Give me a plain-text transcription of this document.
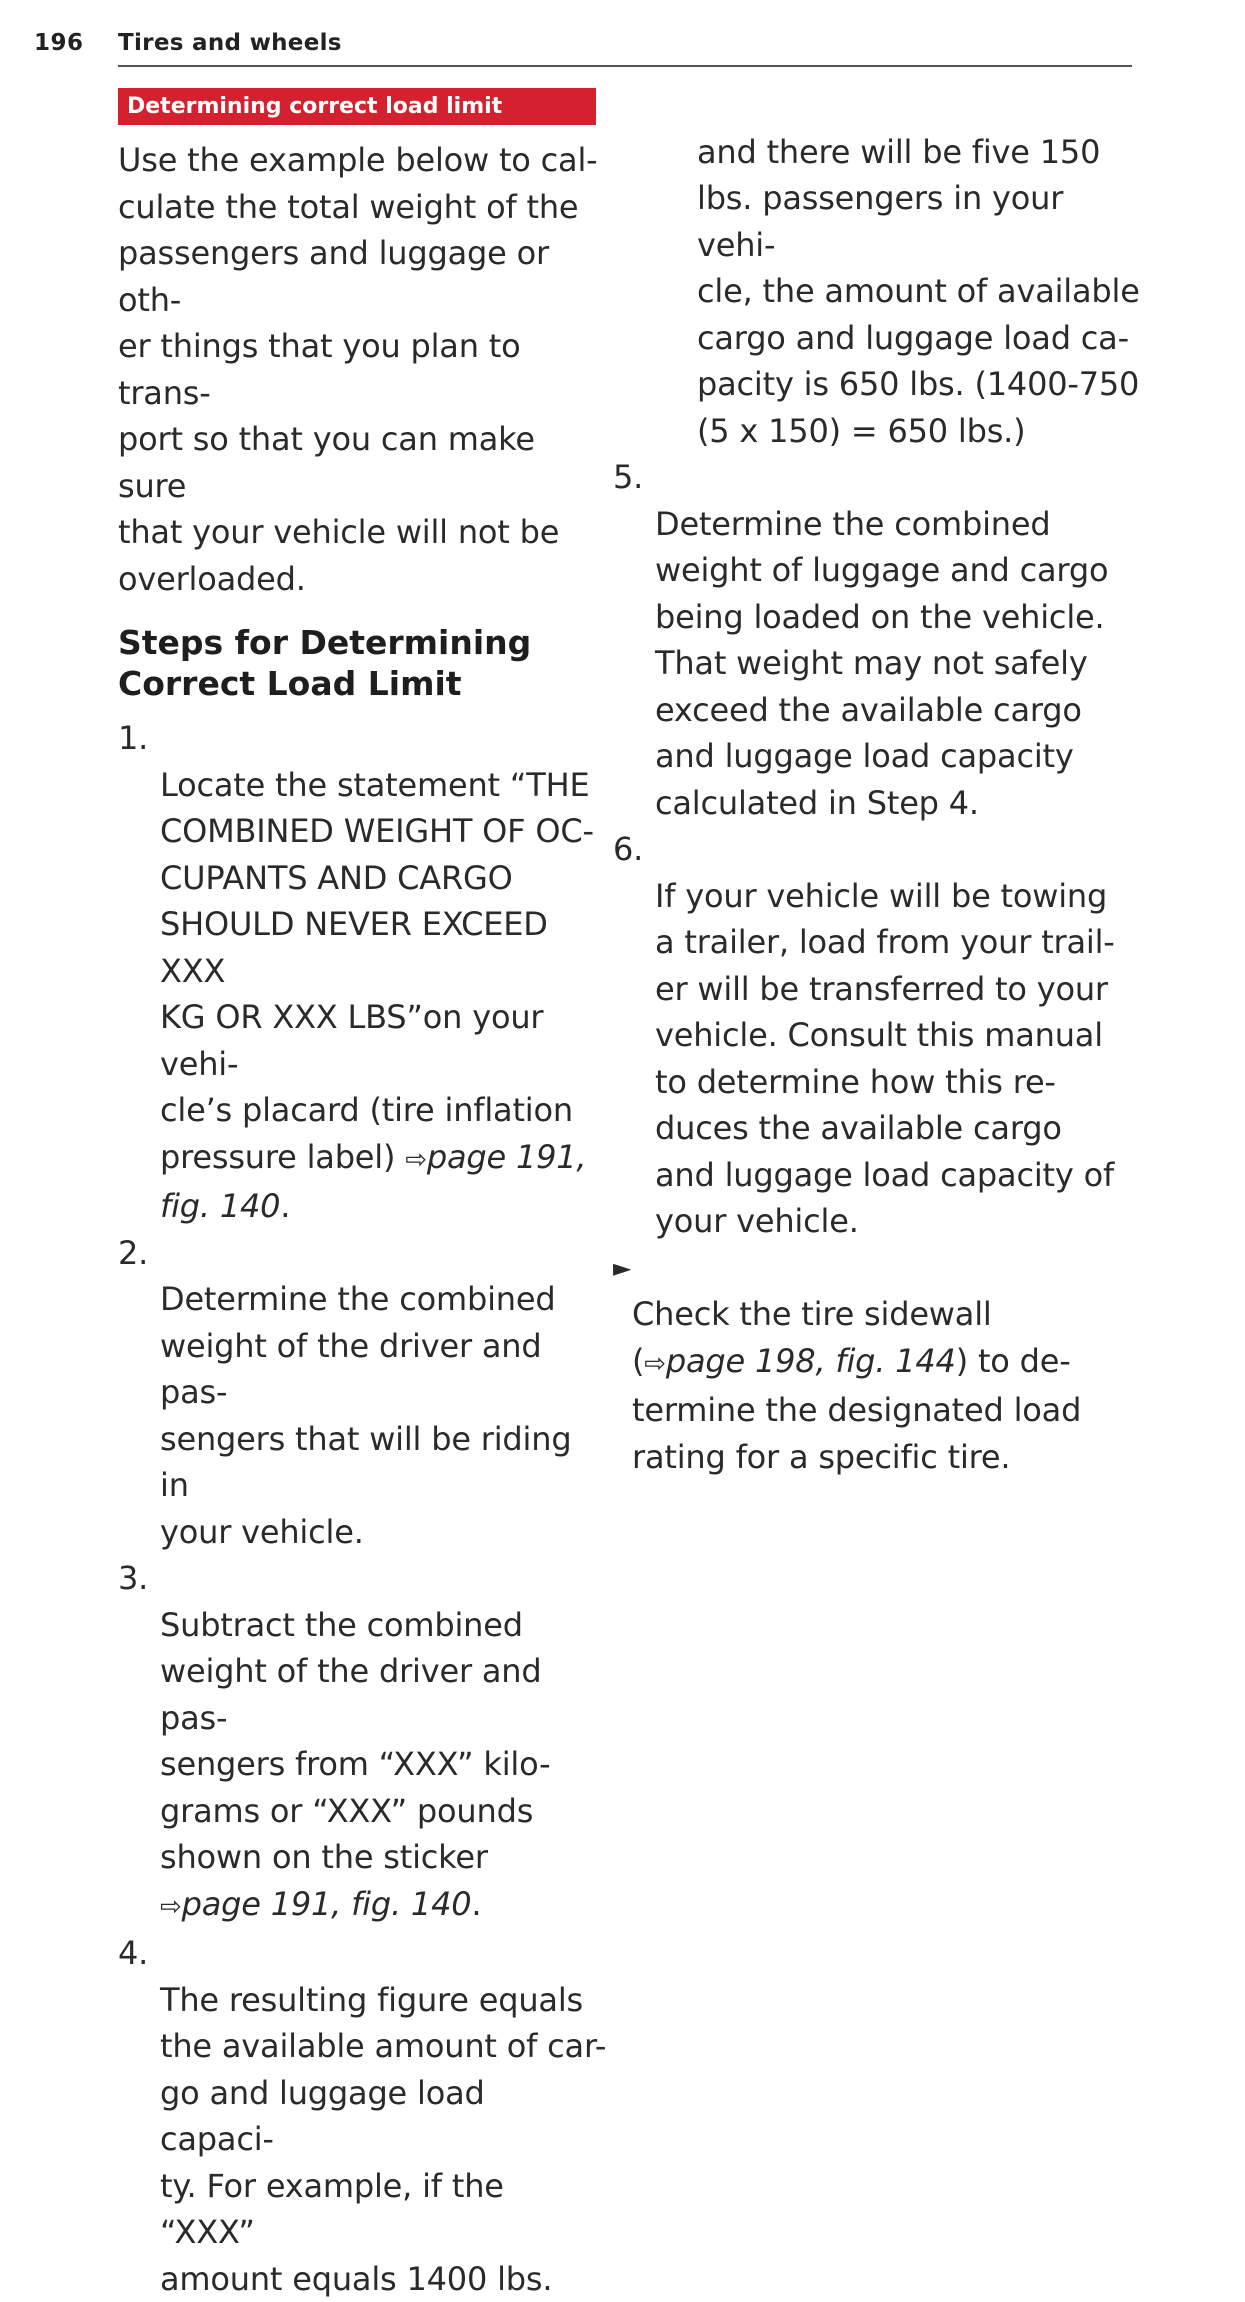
196 Tires and wheels
Determining correct load limit
Use the example below to cal-
culate the total weight of the
passengers and luggage or oth-
er things that you plan to trans-
port so that you can make sure
that your vehicle will not be
overloaded.
Steps for Determining
Correct Load Limit

1.
Locate the statement “THE
COMBINED WEIGHT OF OC-
CUPANTS AND CARGO
SHOULD NEVER EXCEED XXX
KG OR XXX LBS”on your vehi-
cle’s placard (tire inflation
pressure label) ⇨page 191,
fig. 140.

2.
Determine the combined
weight of the driver and pas-
sengers that will be riding in
your vehicle.

3.
Subtract the combined
weight of the driver and pas-
sengers from “XXX” kilo-
grams or “XXX” pounds
shown on the sticker
⇨page 191, fig. 140.

4.
The resulting figure equals
the available amount of car-
go and luggage load capaci-
ty. For example, if the “XXX”
amount equals 1400 lbs.

and there will be five 150
lbs. passengers in your vehi-
cle, the amount of available
cargo and luggage load ca-
pacity is 650 lbs. (1400-750
(5 x 150) = 650 lbs.)

5.
Determine the combined
weight of luggage and cargo
being loaded on the vehicle.
That weight may not safely
exceed the available cargo
and luggage load capacity
calculated in Step 4.

6.
If your vehicle will be towing
a trailer, load from your trail-
er will be transferred to your
vehicle. Consult this manual
to determine how this re-
duces the available cargo
and luggage load capacity of
your vehicle.

►
Check the tire sidewall
(⇨page 198, fig. 144) to de-
termine the designated load
rating for a specific tire.
